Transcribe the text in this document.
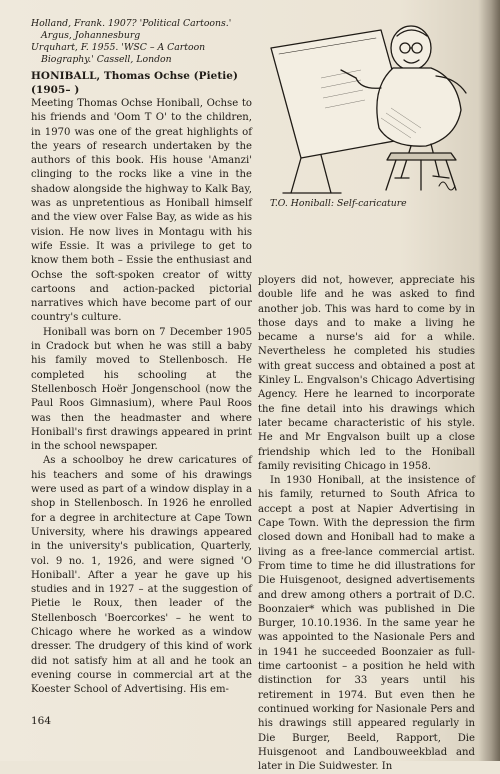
Holland, Frank. 1907? 'Political Cartoons.' Argus, Johannesburg

Urquhart, F. 1955. 'WSC – A Cartoon Biography.' Cassell, London

HONIBALL, Thomas Ochse (Pietie)

(1905– )

Meeting Thomas Ochse Honiball, Ochse to his friends and 'Oom T O' to the children, in 1970 was one of the great highlights of the years of research undertaken by the authors of this book. His house 'Amanzi' clinging to the rocks like a vine in the shadow alongside the highway to Kalk Bay, was as unpretentious as Honiball himself and the view over False Bay, as wide as his vision. He now lives in Montagu with his wife Essie. It was a privilege to get to know them both – Essie the enthusiast and Ochse the soft-spoken creator of witty cartoons and action-packed pictorial narratives which have become part of our country's culture.

Honiball was born on 7 December 1905 in Cradock but when he was still a baby his family moved to Stellenbosch. He completed his schooling at the Stellenbosch Hoër Jongenschool (now the Paul Roos Gimnasium), where Paul Roos was then the headmaster and where Honiball's first drawings appeared in print in the school newspaper.

As a schoolboy he drew caricatures of his teachers and some of his drawings were used as part of a window display in a shop in Stellenbosch. In 1926 he enrolled for a degree in architecture at Cape Town University, where his drawings appeared in the university's publication, Quarterly, vol. 9 no. 1, 1926, and were signed 'O Honiball'. After a year he gave up his studies and in 1927 – at the suggestion of Pietie le Roux, then leader of the Stellenbosch 'Boercorkes' – he went to Chicago where he worked as a window dresser. The drudgery of this kind of work did not satisfy him at all and he took an evening course in commercial art at the Koester School of Advertising. His em-

T.O. Honiball: Self-caricature

ployers did not, however, appreciate his double life and he was asked to find another job. This was hard to come by in those days and to make a living he became a nurse's aid for a while. Nevertheless he completed his studies with great success and obtained a post at Kinley L. Engvalson's Chicago Advertising Agency. Here he learned to incorporate the fine detail into his drawings which later became characteristic of his style. He and Mr Engvalson built up a close friendship which led to the Honiball family revisiting Chicago in 1958.

In 1930 Honiball, at the insistence of his family, returned to South Africa to accept a post at Napier Advertising in Cape Town. With the depression the firm closed down and Honiball had to make a living as a free-lance commercial artist. From time to time he did illustrations for Die Huisgenoot, designed advertisements and drew among others a portrait of D.C. Boonzaier* which was published in Die Burger, 10.10.1936. In the same year he was appointed to the Nasionale Pers and in 1941 he succeeded Boonzaier as full-time cartoonist – a position he held with distinction for 33 years until his retirement in 1974. But even then he continued working for Nasionale Pers and his drawings still appeared regularly in Die Burger, Beeld, Rapport, Die Huisgenoot and Landbouweekblad and later in Die Suidwester. In

164
